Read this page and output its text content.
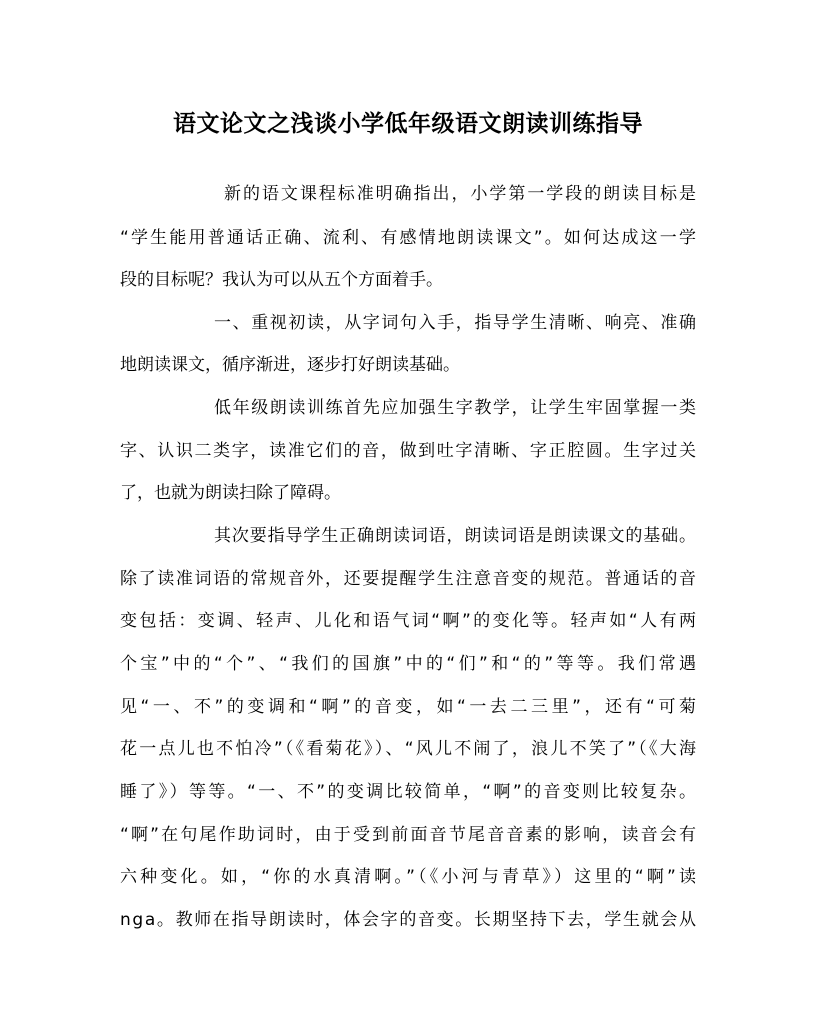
语文论文之浅谈小学低年级语文朗读训练指导

新的语文课程标准明确指出，小学第一学段的朗读目标是

“学生能用普通话正确、流利、有感情地朗读课文”。如何达成这一学

段的目标呢？我认为可以从五个方面着手。

一、重视初读，从字词句入手，指导学生清晰、响亮、准确

地朗读课文，循序渐进，逐步打好朗读基础。

低年级朗读训练首先应加强生字教学，让学生牢固掌握一类

字、认识二类字，读准它们的音，做到吐字清晰、字正腔圆。生字过关

了，也就为朗读扫除了障碍。

其次要指导学生正确朗读词语，朗读词语是朗读课文的基础。

除了读准词语的常规音外，还要提醒学生注意音变的规范。普通话的音

变包括：变调、轻声、儿化和语气词“啊”的变化等。轻声如“人有两

个宝”中的“个”、“我们的国旗”中的“们”和“的”等等。我们常遇

见“一、不”的变调和“啊”的音变，如“一去二三里”，还有“可菊

花一点儿也不怕冷”（《看菊花》）、“风儿不闹了，浪儿不笑了”（《大海

睡了》）等等。“一、不”的变调比较简单，“啊”的音变则比较复杂。

“啊”在句尾作助词时，由于受到前面音节尾音音素的影响，读音会有

六种变化。如，“你的水真清啊。”（《小河与青草》）这里的“啊”读

nga。教师在指导朗读时，体会字的音变。长期坚持下去，学生就会从
